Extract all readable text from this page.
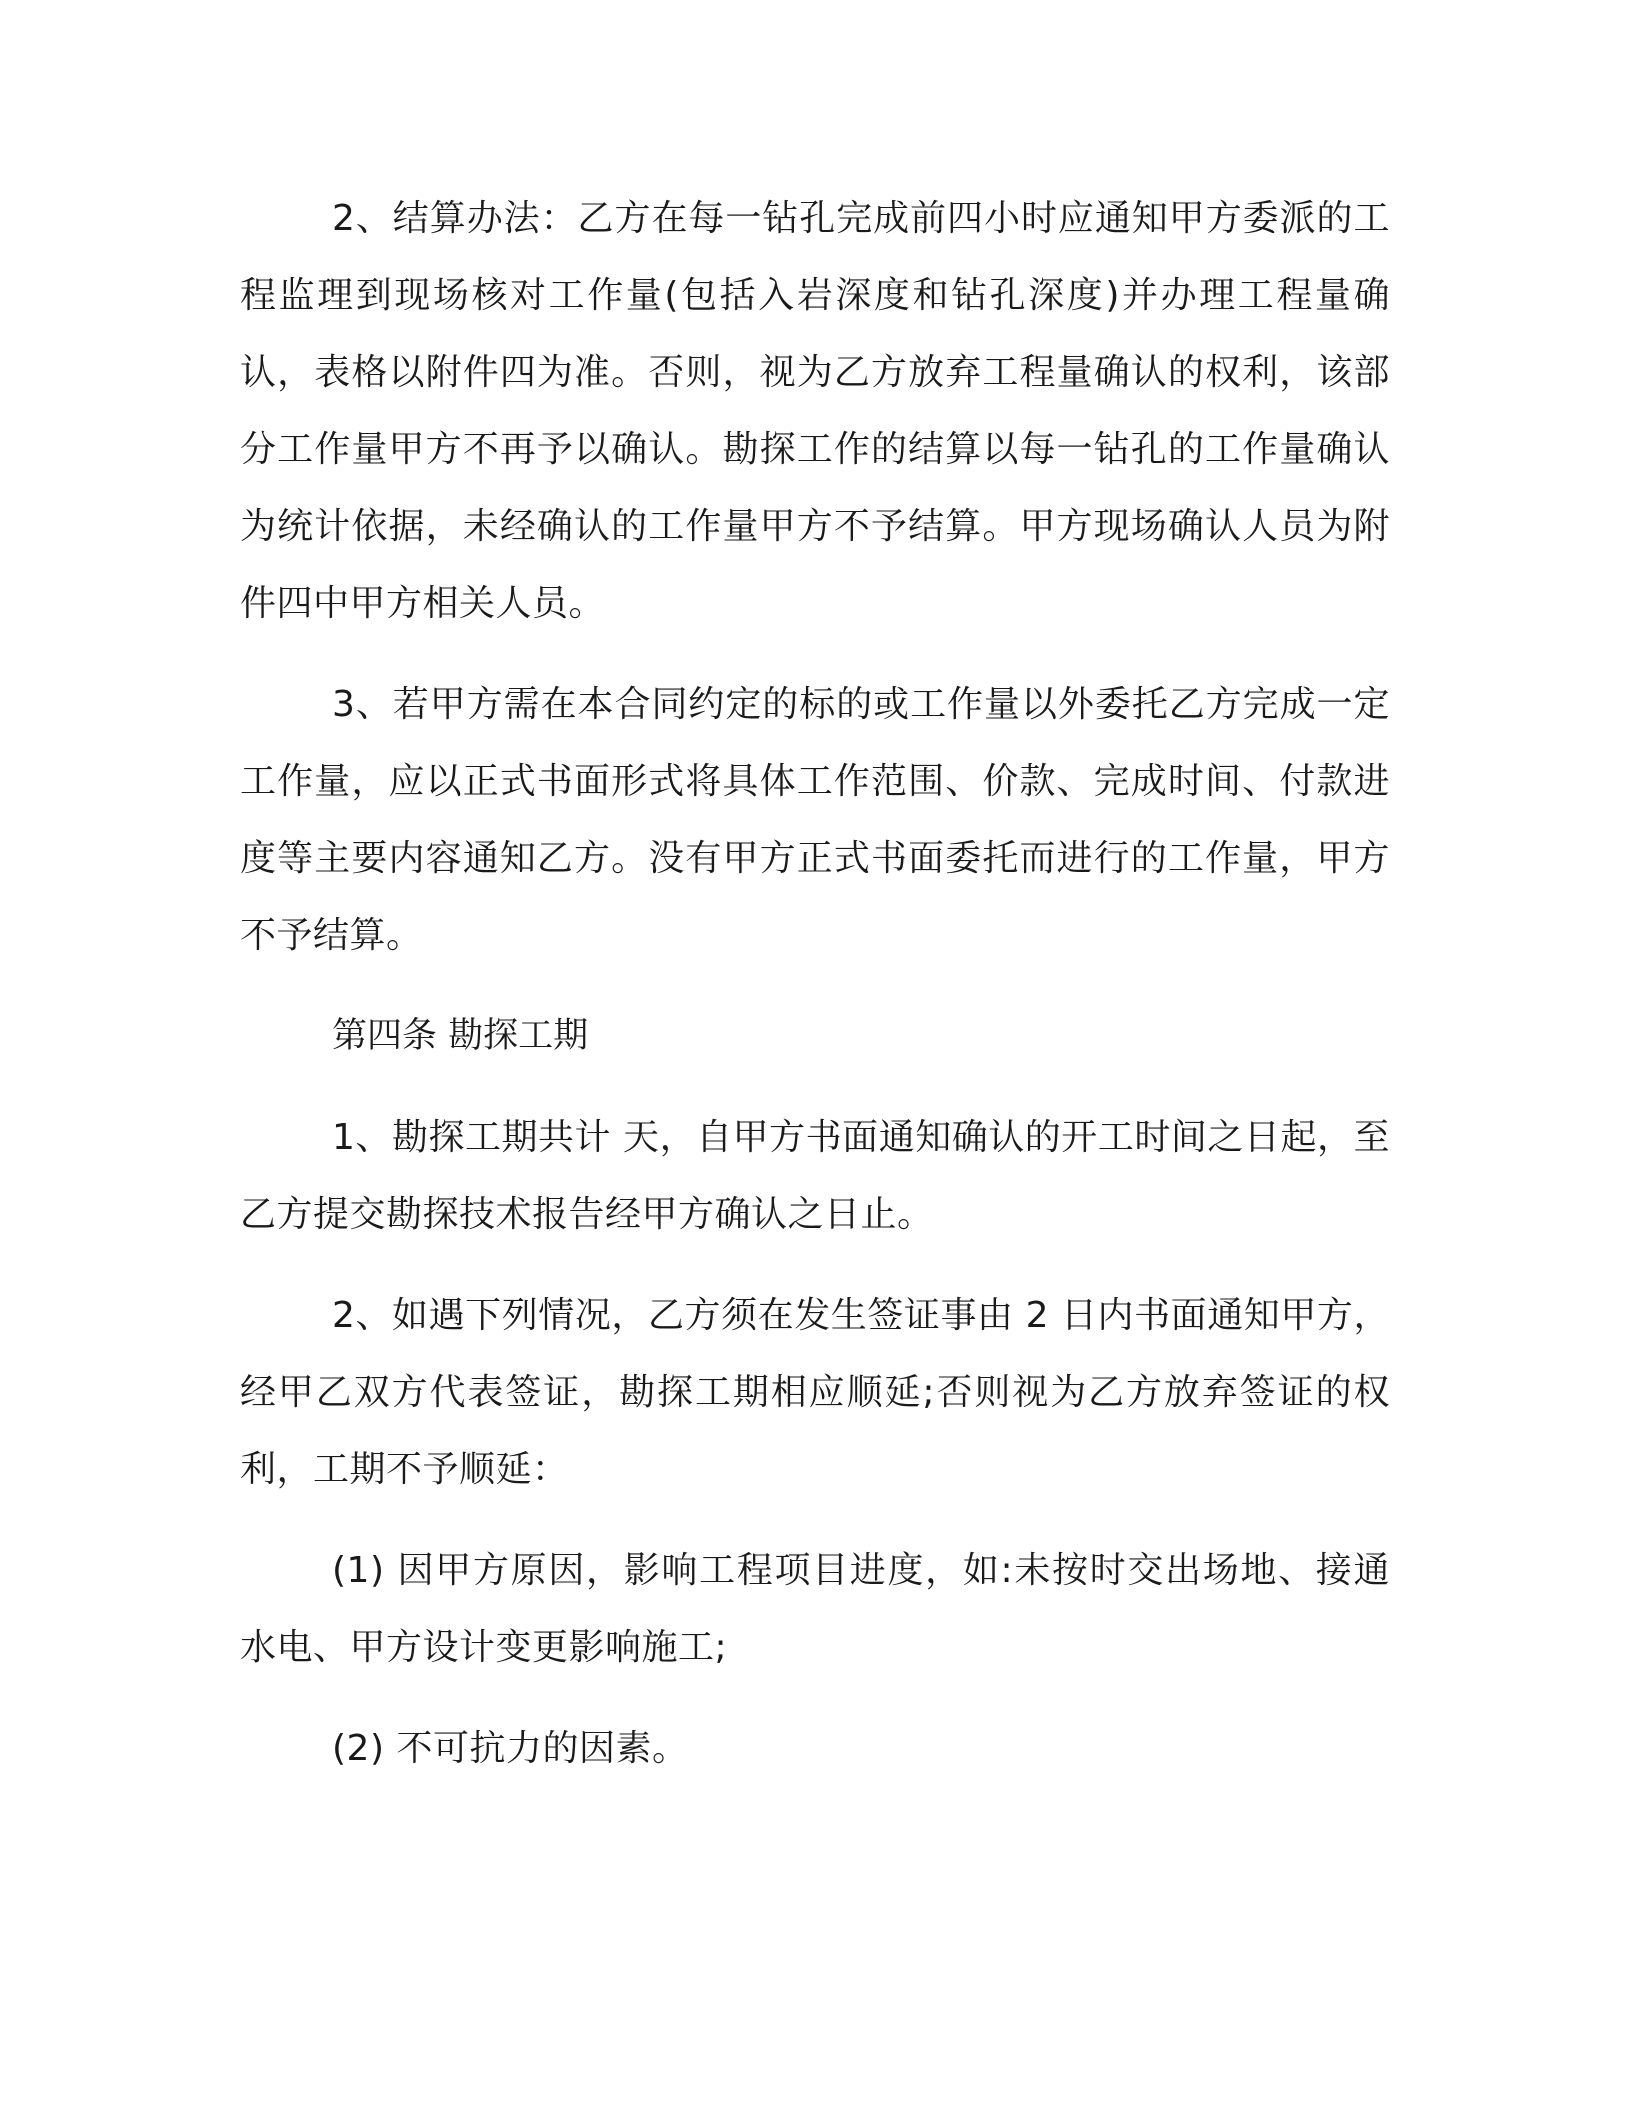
2、结算办法：乙方在每一钻孔完成前四小时应通知甲方委派的工程监理到现场核对工作量(包括入岩深度和钻孔深度)并办理工程量确认，表格以附件四为准。否则，视为乙方放弃工程量确认的权利，该部分工作量甲方不再予以确认。勘探工作的结算以每一钻孔的工作量确认为统计依据，未经确认的工作量甲方不予结算。甲方现场确认人员为附件四中甲方相关人员。

3、若甲方需在本合同约定的标的或工作量以外委托乙方完成一定工作量，应以正式书面形式将具体工作范围、价款、完成时间、付款进度等主要内容通知乙方。没有甲方正式书面委托而进行的工作量，甲方不予结算。

第四条 勘探工期

1、勘探工期共计 天，自甲方书面通知确认的开工时间之日起，至乙方提交勘探技术报告经甲方确认之日止。

2、如遇下列情况，乙方须在发生签证事由 2 日内书面通知甲方，经甲乙双方代表签证，勘探工期相应顺延;否则视为乙方放弃签证的权利，工期不予顺延：

(1) 因甲方原因，影响工程项目进度，如:未按时交出场地、接通水电、甲方设计变更影响施工;

(2) 不可抗力的因素。
